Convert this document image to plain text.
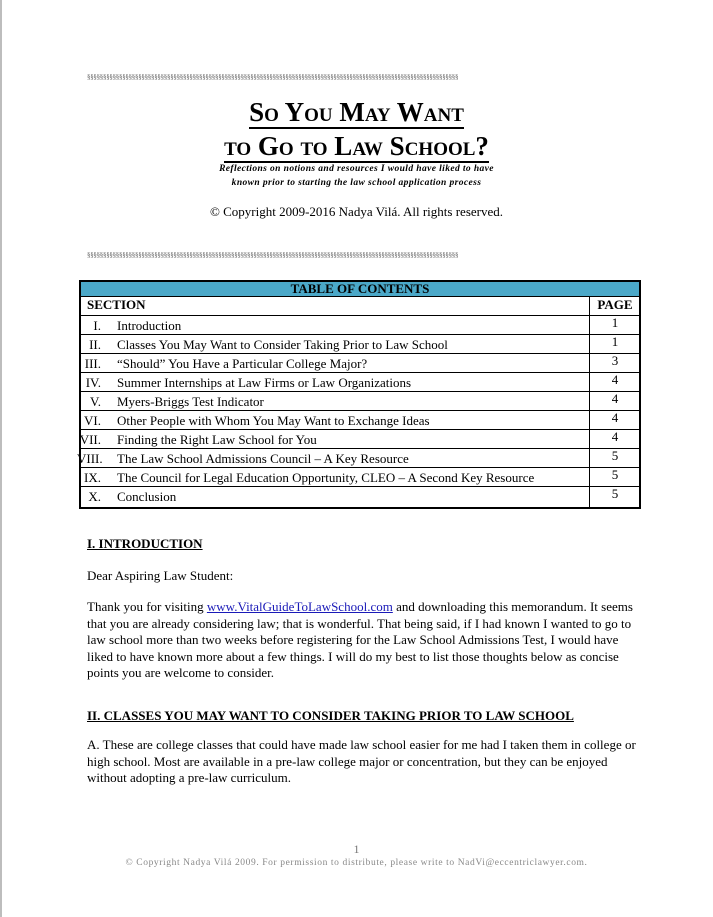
§§§§§§§§§§§§§§§§§§§§§§§§§§§§§§§§§§§§§§§§§§§§§§§§§§§§§§§§§§§§§§§§§§§§§§§§§§§§§§§§§§§§§§§§§§§§§§§§§§§§§§§§§§§§§§§§§§§§
So You May Want
to Go to Law School?
Reflections on notions and resources I would have liked to have
known prior to starting the law school application process
© Copyright 2009-2016 Nadya Vilá. All rights reserved.
§§§§§§§§§§§§§§§§§§§§§§§§§§§§§§§§§§§§§§§§§§§§§§§§§§§§§§§§§§§§§§§§§§§§§§§§§§§§§§§§§§§§§§§§§§§§§§§§§§§§§§§§§§§§§§§§§§§§
TABLE OF CONTENTS
SECTION	PAGE
I. Introduction	1
II. Classes You May Want to Consider Taking Prior to Law School	1
III. “Should” You Have a Particular College Major?	3
IV. Summer Internships at Law Firms or Law Organizations	4
V. Myers-Briggs Test Indicator	4
VI. Other People with Whom You May Want to Exchange Ideas	4
VII. Finding the Right Law School for You	4
VIII. The Law School Admissions Council – A Key Resource	5
IX. The Council for Legal Education Opportunity, CLEO – A Second Key Resource	5
X. Conclusion	5
I. INTRODUCTION
Dear Aspiring Law Student:
Thank you for visiting www.VitalGuideToLawSchool.com and downloading this memorandum. It seems that you are already considering law; that is wonderful. That being said, if I had known I wanted to go to law school more than two weeks before registering for the Law School Admissions Test, I would have liked to have known more about a few things. I will do my best to list those thoughts below as concise points you are welcome to consider.
II. CLASSES YOU MAY WANT TO CONSIDER TAKING PRIOR TO LAW SCHOOL
A. These are college classes that could have made law school easier for me had I taken them in college or high school. Most are available in a pre-law college major or concentration, but they can be enjoyed without adopting a pre-law curriculum.
1
© Copyright Nadya Vilá 2009. For permission to distribute, please write to NadVi@eccentriclawyer.com.
